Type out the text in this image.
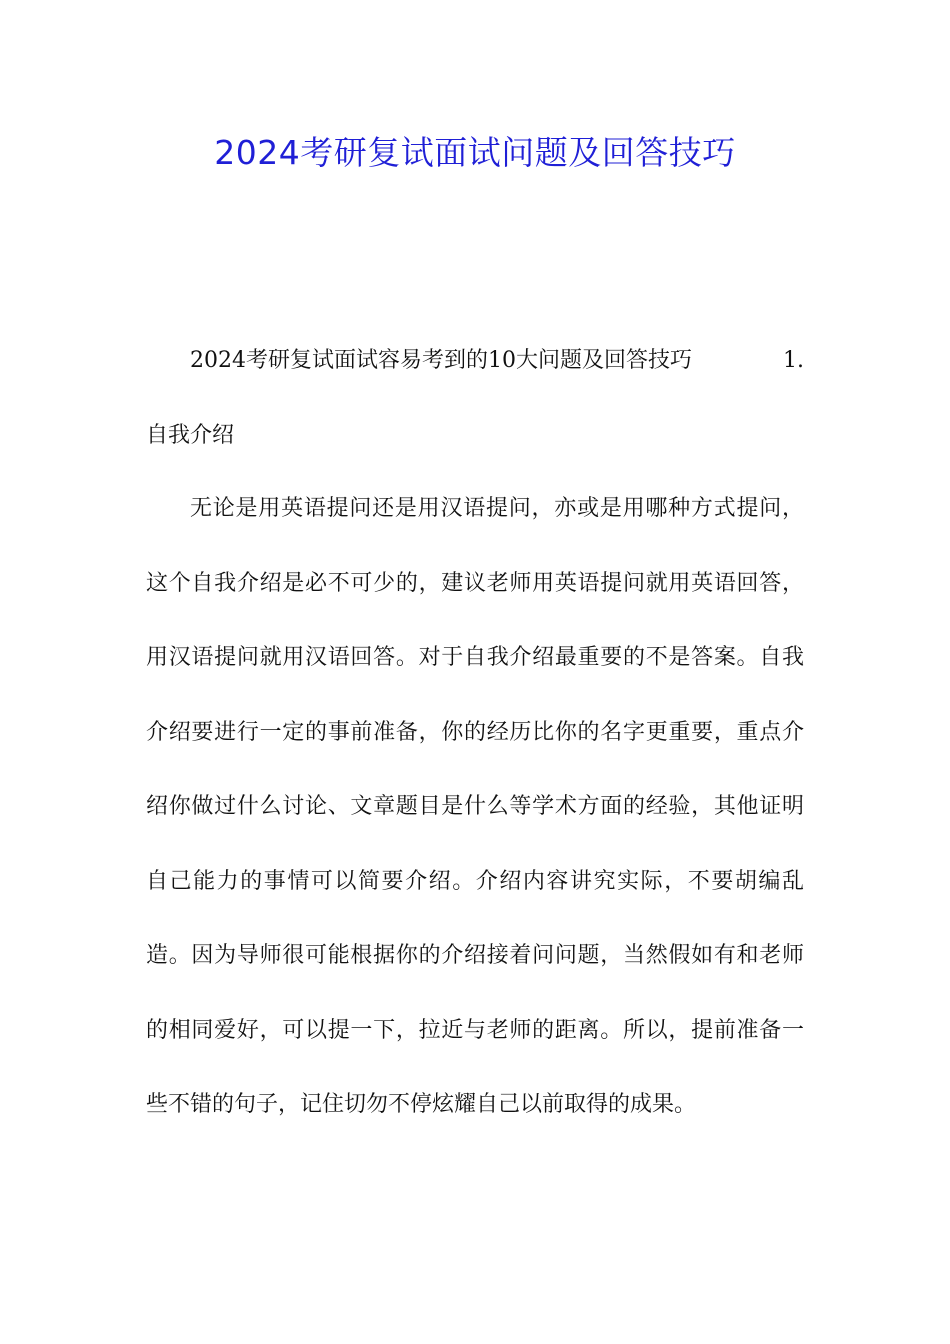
2024考研复试面试问题及回答技巧
1.
2024考研复试面试容易考到的10大问题及回答技巧
自我介绍
无论是用英语提问还是用汉语提问，亦或是用哪种方式提问，这个自我介绍是必不可少的，建议老师用英语提问就用英语回答，用汉语提问就用汉语回答。对于自我介绍最重要的不是答案。自我介绍要进行一定的事前准备，你的经历比你的名字更重要，重点介绍你做过什么讨论、文章题目是什么等学术方面的经验，其他证明自己能力的事情可以简要介绍。介绍内容讲究实际，不要胡编乱造。因为导师很可能根据你的介绍接着问问题，当然假如有和老师的相同爱好，可以提一下，拉近与老师的距离。所以，提前准备一些不错的句子，记住切勿不停炫耀自己以前取得的成果。
